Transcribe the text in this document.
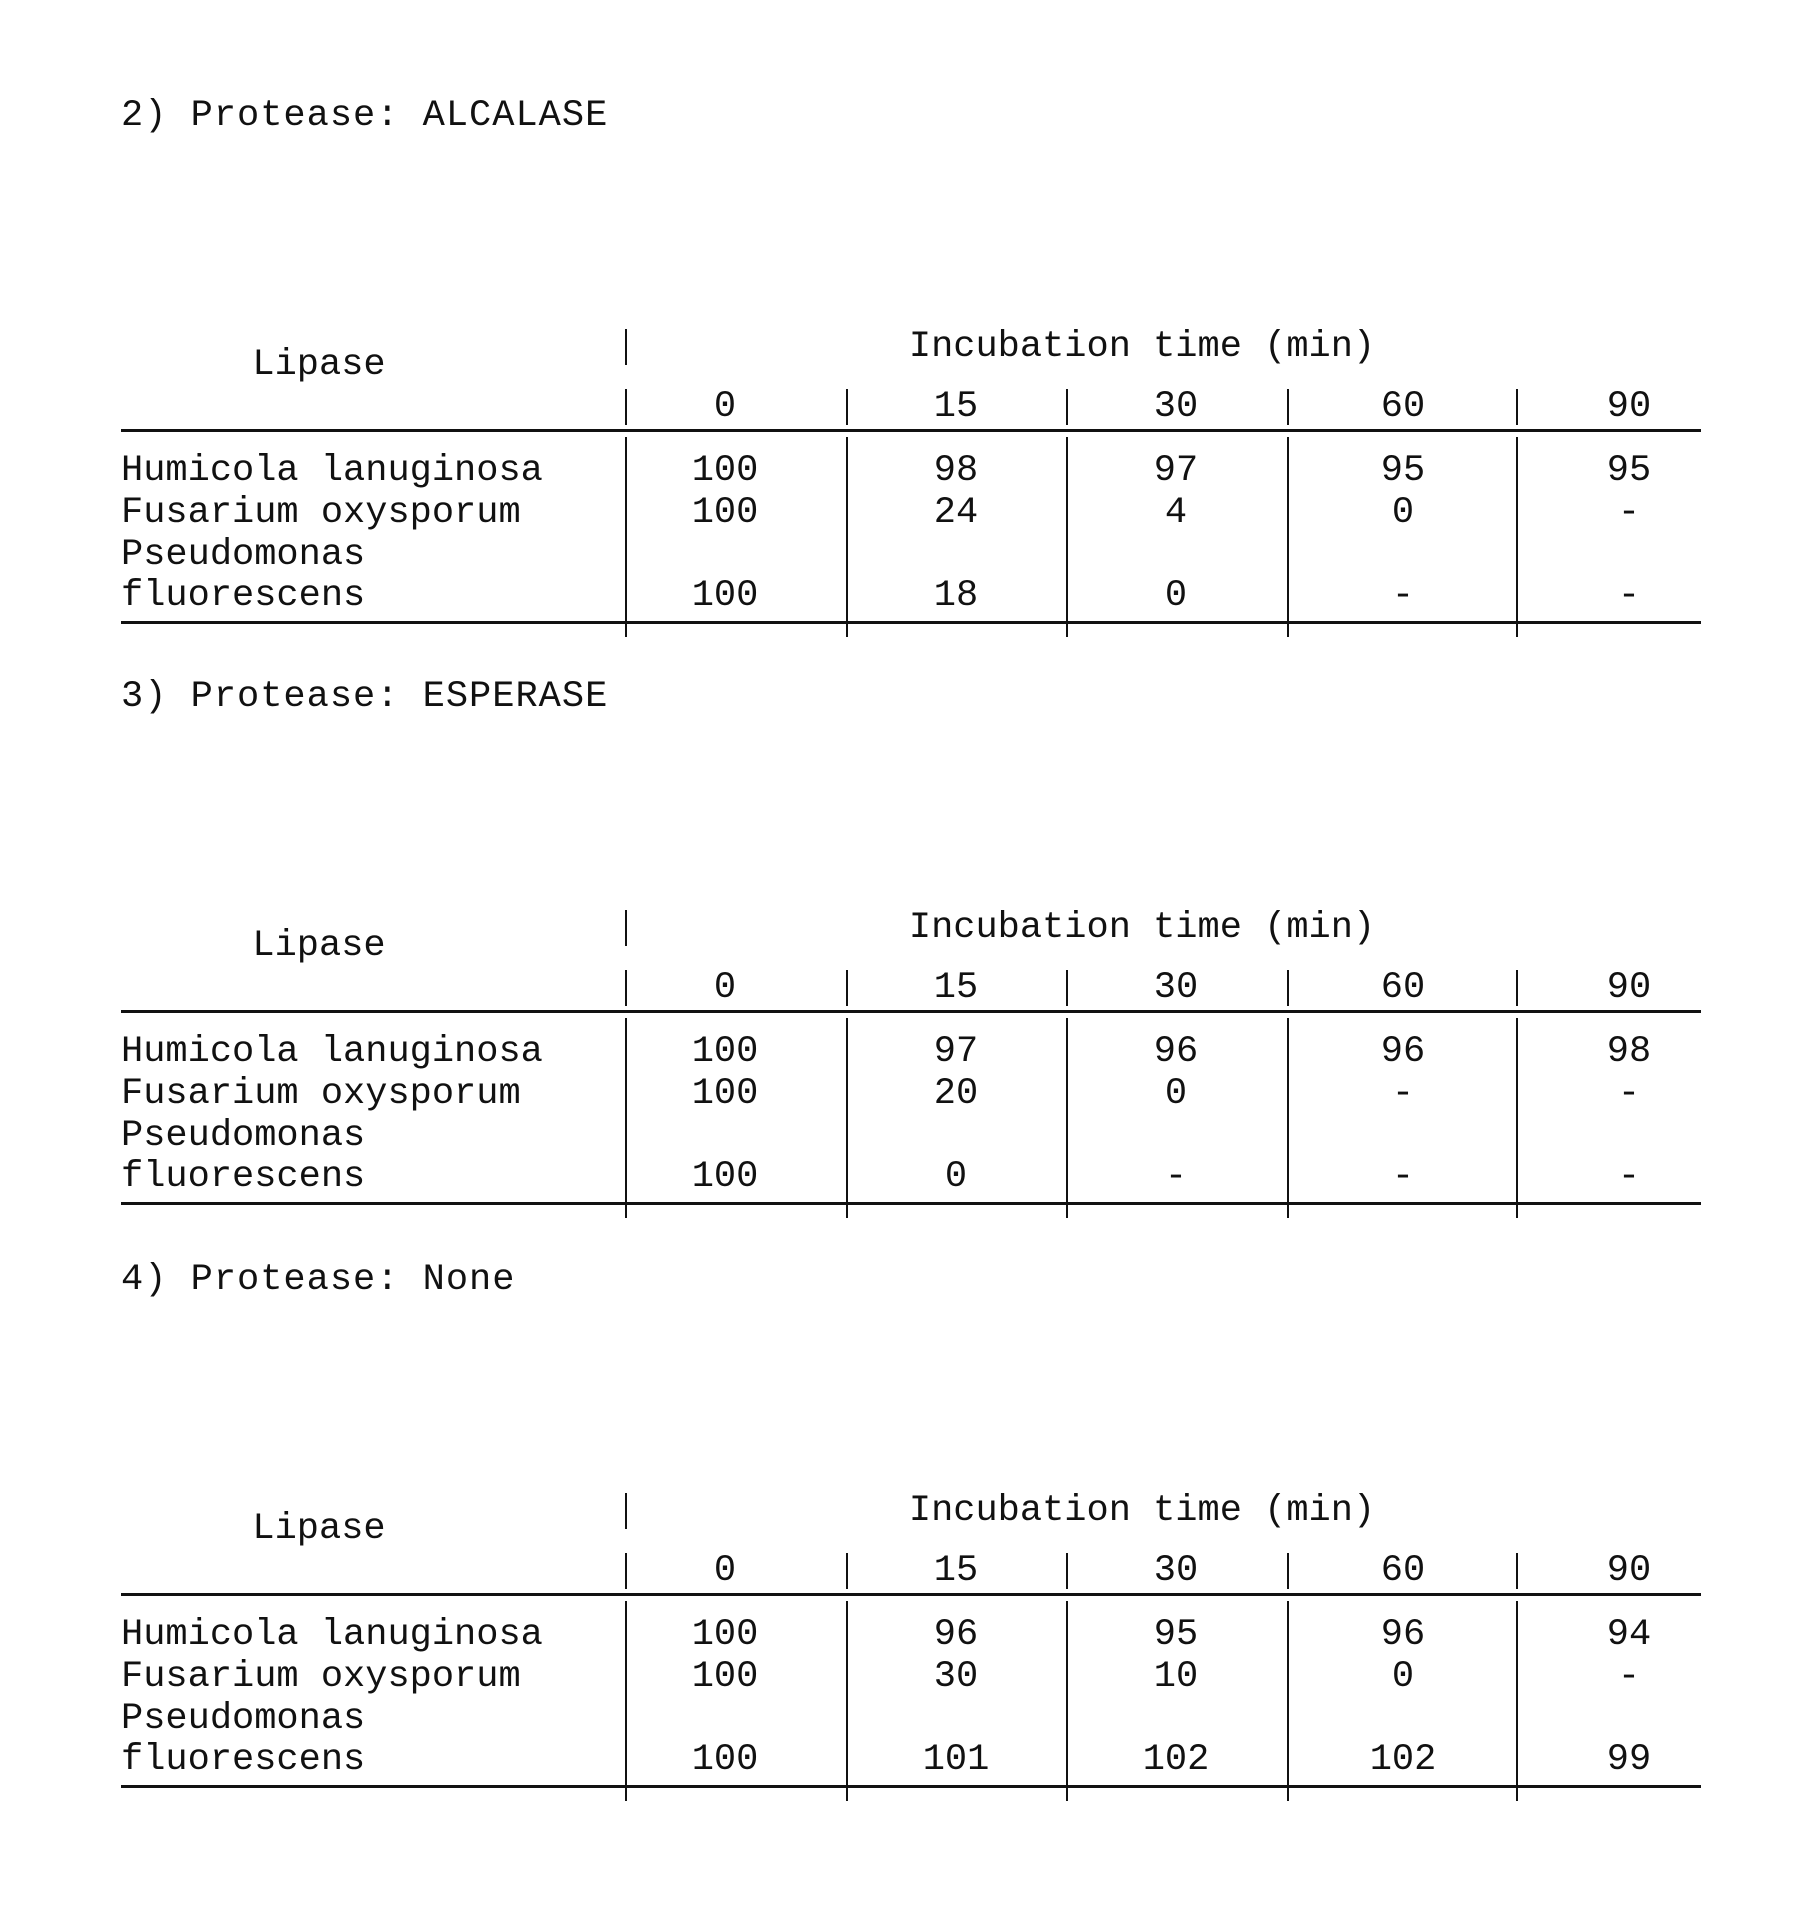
2) Protease: ALCALASE
Lipase	Incubation time (min)
0	15	30	60	90
Humicola lanuginosa	100	98	97	95	95
Fusarium oxysporum	100	24	4	0	-
Pseudomonas
fluorescens	100	18	0	-	-
3) Protease: ESPERASE
Lipase	Incubation time (min)
0	15	30	60	90
Humicola lanuginosa	100	97	96	96	98
Fusarium oxysporum	100	20	0	-	-
Pseudomonas
fluorescens	100	0	-	-	-
4) Protease: None
Lipase	Incubation time (min)
0	15	30	60	90
Humicola lanuginosa	100	96	95	96	94
Fusarium oxysporum	100	30	10	0	-
Pseudomonas
fluorescens	100	101	102	102	99
